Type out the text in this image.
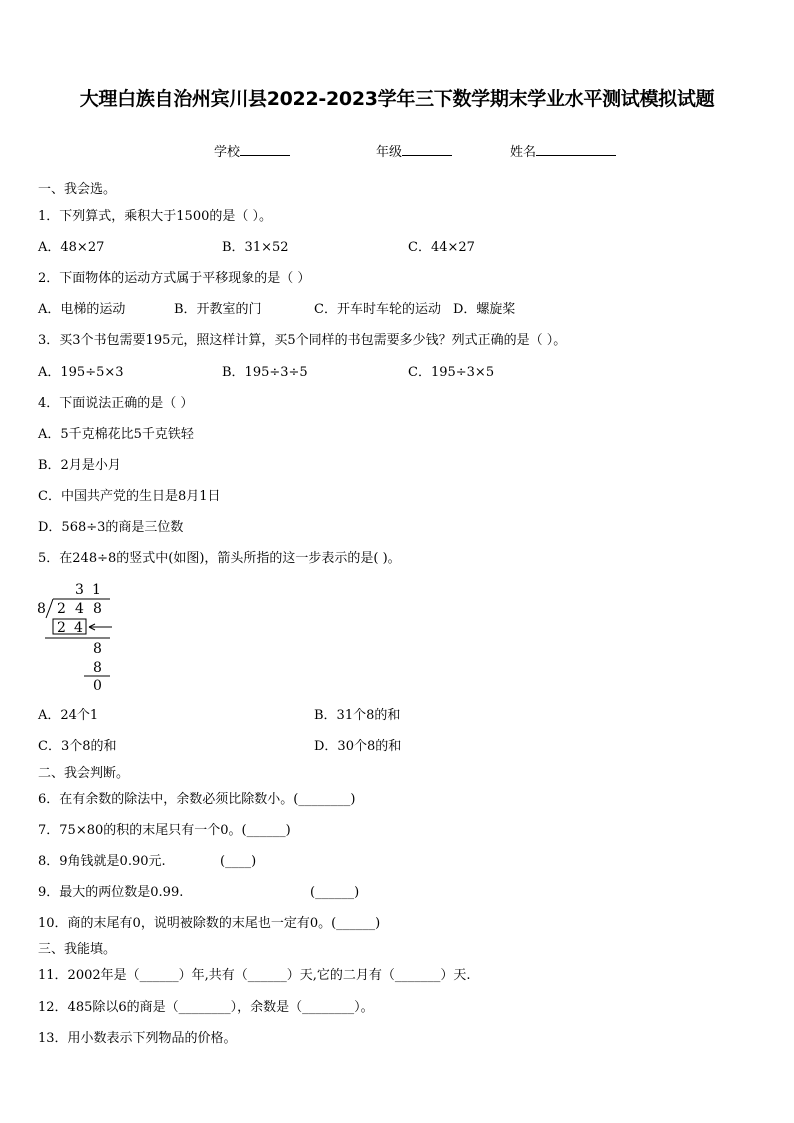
大理白族自治州宾川县2022-2023学年三下数学期末学业水平测试模拟试题
学校	年级	姓名
一、我会选。
1．下列算式，乘积大于1500的是（ ）。
A．48×27	B．31×52	C．44×27
2．下面物体的运动方式属于平移现象的是（ ）
A．电梯的运动	B．开教室的门	C．开车时车轮的运动 D．螺旋桨
3．买3个书包需要195元，照这样计算，买5个同样的书包需要多少钱？列式正确的是（ ）。
A．195÷5×3	B．195÷3÷5	C．195÷3×5
4．下面说法正确的是（ ）
A．5千克棉花比5千克铁轻
B．2月是小月
C．中国共产党的生日是8月1日
D．568÷3的商是三位数
5．在248÷8的竖式中(如图)，箭头所指的这一步表示的是( )。
3 1
8 2 4 8
2 4
8
8
0
A．24个1	B．31个8的和
C．3个8的和	D．30个8的和
二、我会判断。
6．在有余数的除法中，余数必须比除数小。(________)
7．75×80的积的末尾只有一个0。(______)
8．9角钱就是0.90元.	(____)
9．最大的两位数是0.99.	(______)
10．商的末尾有0，说明被除数的末尾也一定有0。(______)
三、我能填。
11．2002年是（______）年,共有（______）天,它的二月有（_______）天.
12．485除以6的商是（________），余数是（________）。
13．用小数表示下列物品的价格。
